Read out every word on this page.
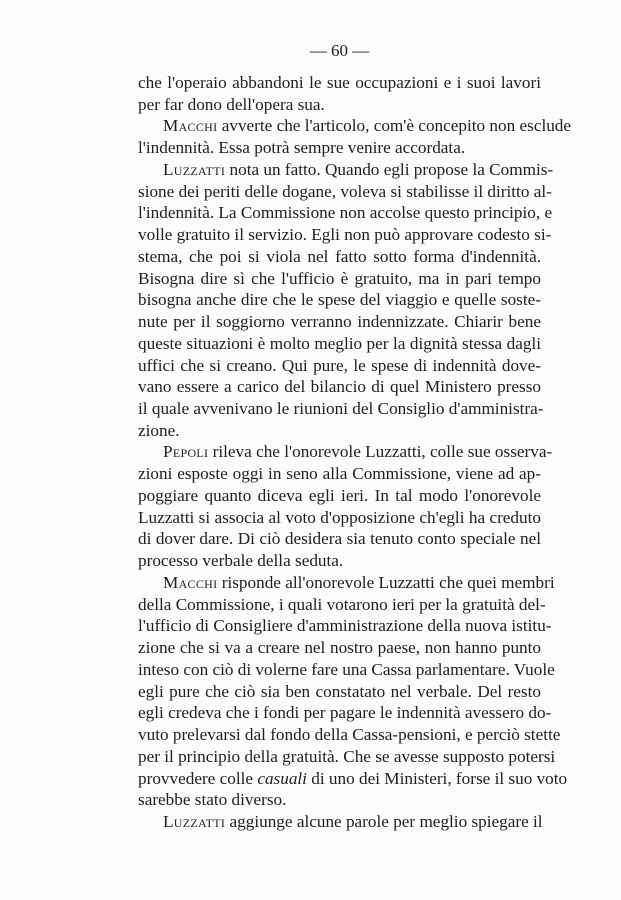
— 60 —
che l'operaio abbandoni le sue occupazioni e i suoi lavori
per far dono dell'opera sua.
Macchi avverte che l'articolo, com'è concepito non esclude
l'indennità. Essa potrà sempre venire accordata.
Luzzatti nota un fatto. Quando egli propose la Commis-
sione dei periti delle dogane, voleva si stabilisse il diritto al-
l'indennità. La Commissione non accolse questo principio, e
volle gratuito il servizio. Egli non può approvare codesto si-
stema, che poi si viola nel fatto sotto forma d'indennità.
Bisogna dire sì che l'ufficio è gratuito, ma in pari tempo
bisogna anche dire che le spese del viaggio e quelle soste-
nute per il soggiorno verranno indennizzate. Chiarir bene
queste situazioni è molto meglio per la dignità stessa dagli
uffici che si creano. Qui pure, le spese di indennità dove-
vano essere a carico del bilancio di quel Ministero presso
il quale avvenivano le riunioni del Consiglio d'amministra-
zione.
Pepoli rileva che l'onorevole Luzzatti, colle sue osserva-
zioni esposte oggi in seno alla Commissione, viene ad ap-
poggiare quanto diceva egli ieri. In tal modo l'onorevole
Luzzatti si associa al voto d'opposizione ch'egli ha creduto
di dover dare. Di ciò desidera sia tenuto conto speciale nel
processo verbale della seduta.
Macchi risponde all'onorevole Luzzatti che quei membri
della Commissione, i quali votarono ieri per la gratuità del-
l'ufficio di Consigliere d'amministrazione della nuova istitu-
zione che si va a creare nel nostro paese, non hanno punto
inteso con ciò di volerne fare una Cassa parlamentare. Vuole
egli pure che ciò sia ben constatato nel verbale. Del resto
egli credeva che i fondi per pagare le indennità avessero do-
vuto prelevarsi dal fondo della Cassa-pensioni, e perciò stette
per il principio della gratuità. Che se avesse supposto potersi
provvedere colle casuali di uno dei Ministeri, forse il suo voto
sarebbe stato diverso.
Luzzatti aggiunge alcune parole per meglio spiegare il
